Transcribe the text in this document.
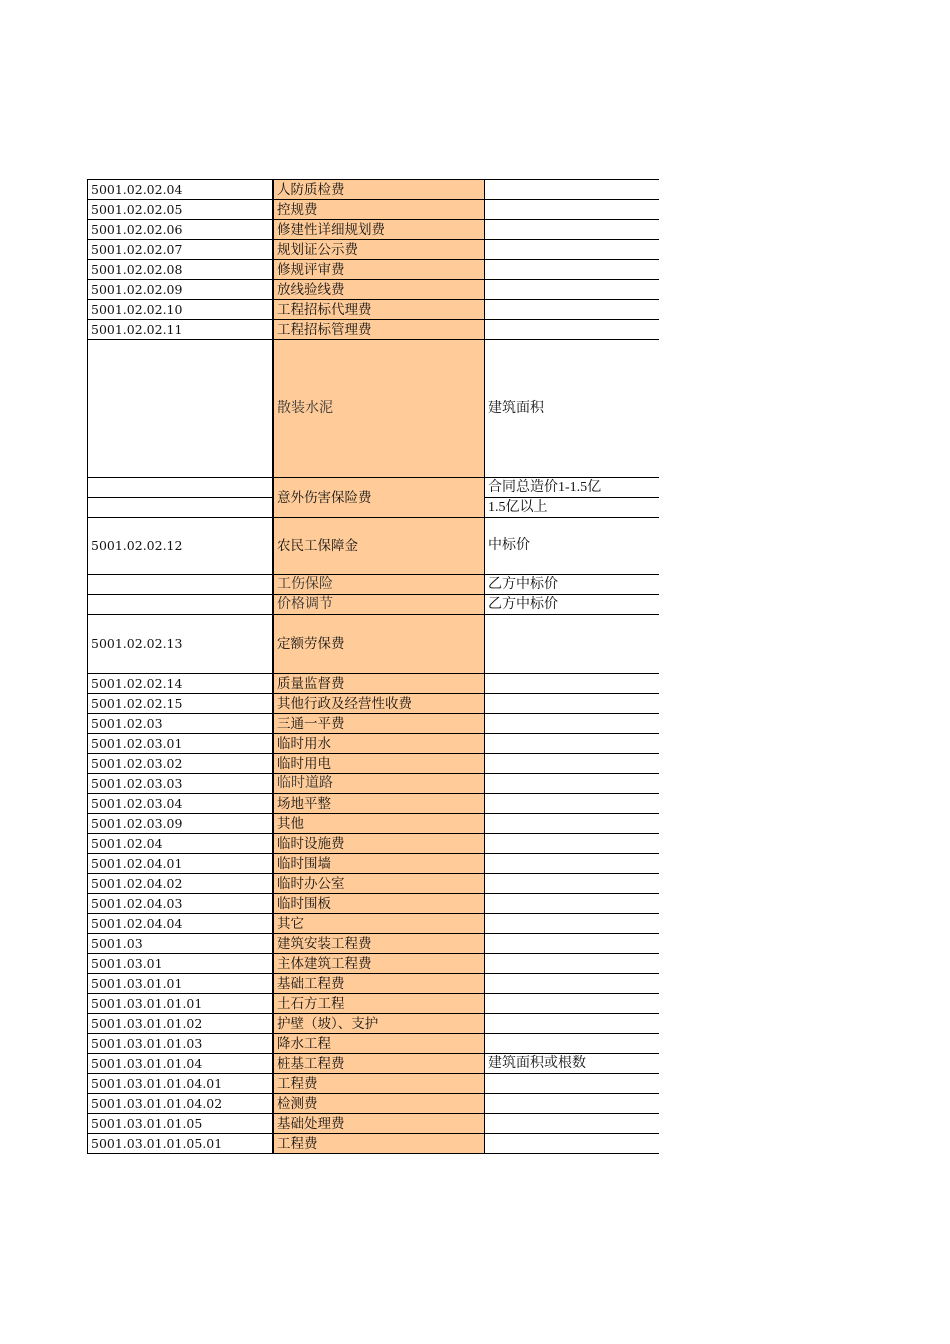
5001.02.02.04	人防质检费	
5001.02.02.05	控规费	
5001.02.02.06	修建性详细规划费	
5001.02.02.07	规划证公示费	
5001.02.02.08	修规评审费	
5001.02.02.09	放线验线费	
5001.02.02.10	工程招标代理费	
5001.02.02.11	工程招标管理费	
	散装水泥	建筑面积
	意外伤害保险费	合同总造价1-1.5亿
		1.5亿以上
5001.02.02.12	农民工保障金	中标价
	工伤保险	乙方中标价
	价格调节	乙方中标价
5001.02.02.13	定额劳保费	
5001.02.02.14	质量监督费	
5001.02.02.15	其他行政及经营性收费	
5001.02.03	三通一平费	
5001.02.03.01	临时用水	
5001.02.03.02	临时用电	
5001.02.03.03	临时道路	
5001.02.03.04	场地平整	
5001.02.03.09	其他	
5001.02.04	临时设施费	
5001.02.04.01	临时围墙	
5001.02.04.02	临时办公室	
5001.02.04.03	临时围板	
5001.02.04.04	其它	
5001.03	建筑安装工程费	
5001.03.01	主体建筑工程费	
5001.03.01.01	基础工程费	
5001.03.01.01.01	土石方工程	
5001.03.01.01.02	护壁（坡）、支护	
5001.03.01.01.03	降水工程	
5001.03.01.01.04	桩基工程费	建筑面积或根数
5001.03.01.01.04.01	工程费	
5001.03.01.01.04.02	检测费	
5001.03.01.01.05	基础处理费	
5001.03.01.01.05.01	工程费	
